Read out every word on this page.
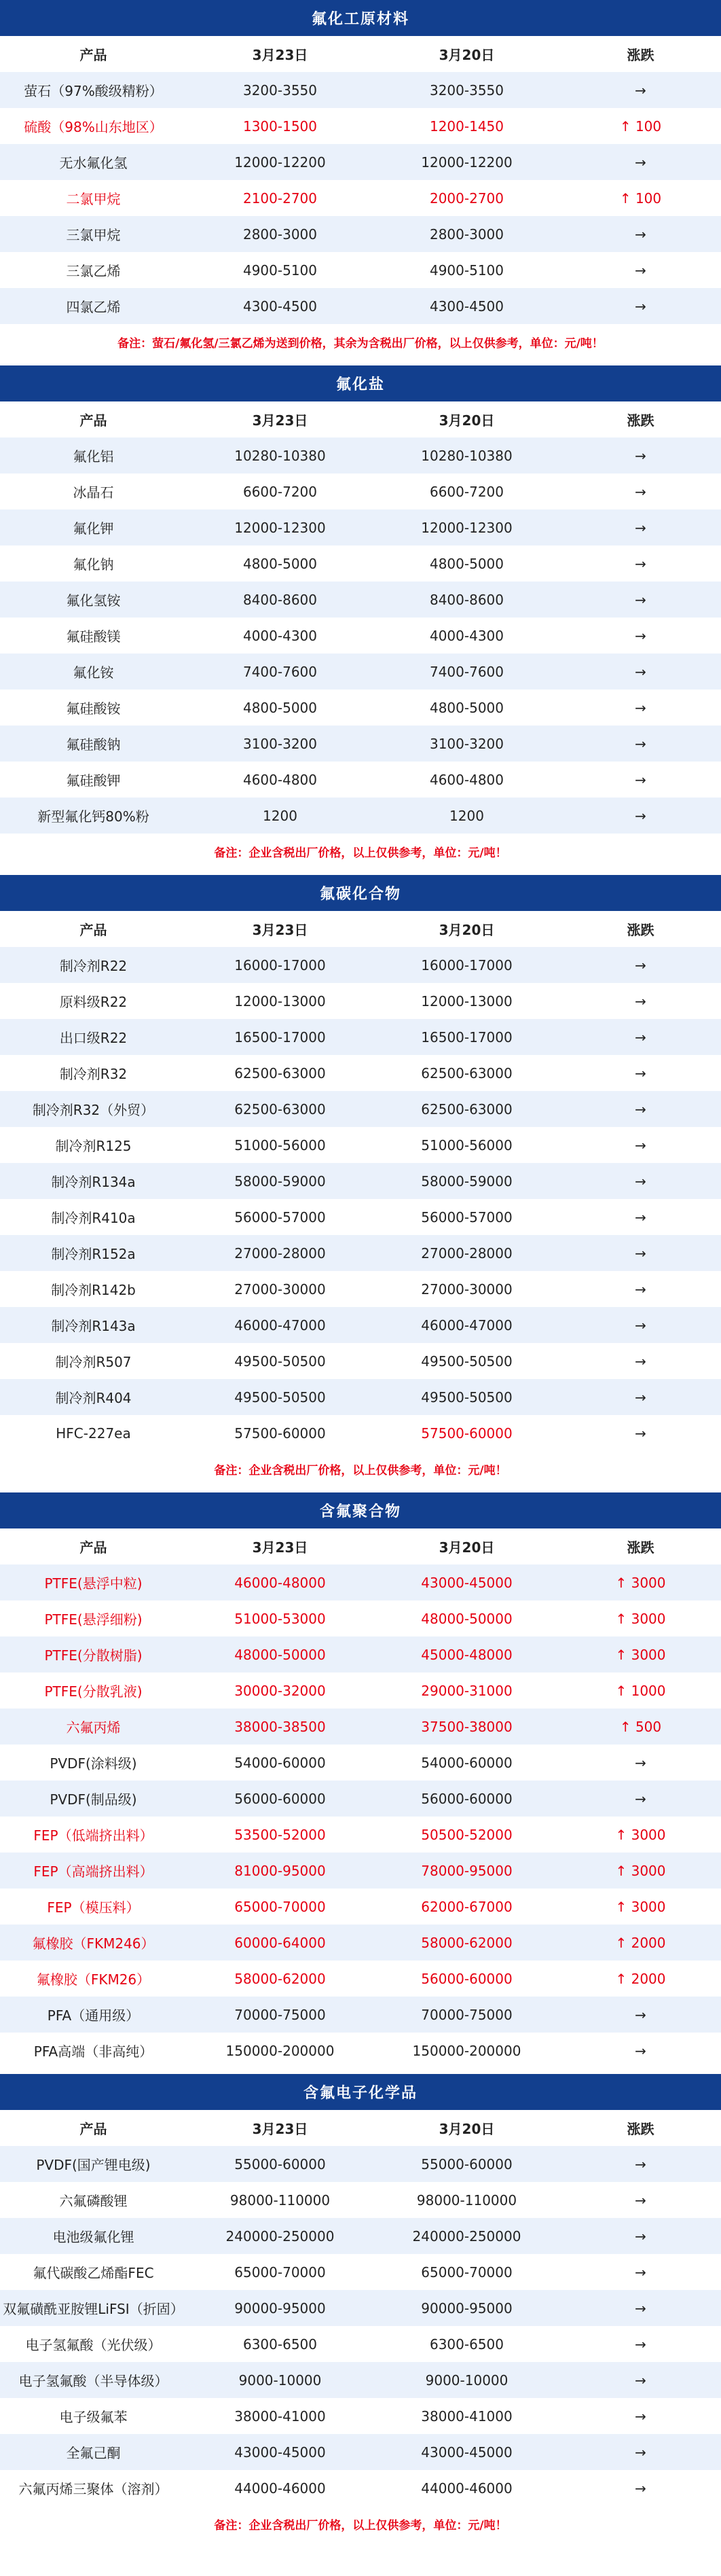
氟化工原材料
产品	3月23日	3月20日	涨跌
萤石（97%酸级精粉）	3200-3550	3200-3550	→
硫酸（98%山东地区）	1300-1500	1200-1450	↑ 100
无水氟化氢	12000-12200	12000-12200	→
二氯甲烷	2100-2700	2000-2700	↑ 100
三氯甲烷	2800-3000	2800-3000	→
三氯乙烯	4900-5100	4900-5100	→
四氯乙烯	4300-4500	4300-4500	→
备注：萤石/氟化氢/三氯乙烯为送到价格，其余为含税出厂价格，以上仅供参考，单位：元/吨！
氟化盐
产品	3月23日	3月20日	涨跌
氟化铝	10280-10380	10280-10380	→
冰晶石	6600-7200	6600-7200	→
氟化钾	12000-12300	12000-12300	→
氟化钠	4800-5000	4800-5000	→
氟化氢铵	8400-8600	8400-8600	→
氟硅酸镁	4000-4300	4000-4300	→
氟化铵	7400-7600	7400-7600	→
氟硅酸铵	4800-5000	4800-5000	→
氟硅酸钠	3100-3200	3100-3200	→
氟硅酸钾	4600-4800	4600-4800	→
新型氟化钙80%粉	1200	1200	→
备注：企业含税出厂价格，以上仅供参考，单位：元/吨！
氟碳化合物
产品	3月23日	3月20日	涨跌
制冷剂R22	16000-17000	16000-17000	→
原料级R22	12000-13000	12000-13000	→
出口级R22	16500-17000	16500-17000	→
制冷剂R32	62500-63000	62500-63000	→
制冷剂R32（外贸）	62500-63000	62500-63000	→
制冷剂R125	51000-56000	51000-56000	→
制冷剂R134a	58000-59000	58000-59000	→
制冷剂R410a	56000-57000	56000-57000	→
制冷剂R152a	27000-28000	27000-28000	→
制冷剂R142b	27000-30000	27000-30000	→
制冷剂R143a	46000-47000	46000-47000	→
制冷剂R507	49500-50500	49500-50500	→
制冷剂R404	49500-50500	49500-50500	→
HFC-227ea	57500-60000	57500-60000	→
备注：企业含税出厂价格，以上仅供参考，单位：元/吨！
含氟聚合物
产品	3月23日	3月20日	涨跌
PTFE(悬浮中粒)	46000-48000	43000-45000	↑ 3000
PTFE(悬浮细粉)	51000-53000	48000-50000	↑ 3000
PTFE(分散树脂)	48000-50000	45000-48000	↑ 3000
PTFE(分散乳液)	30000-32000	29000-31000	↑ 1000
六氟丙烯	38000-38500	37500-38000	↑ 500
PVDF(涂料级)	54000-60000	54000-60000	→
PVDF(制品级)	56000-60000	56000-60000	→
FEP（低端挤出料）	53500-52000	50500-52000	↑ 3000
FEP（高端挤出料）	81000-95000	78000-95000	↑ 3000
FEP（模压料）	65000-70000	62000-67000	↑ 3000
氟橡胶（FKM246）	60000-64000	58000-62000	↑ 2000
氟橡胶（FKM26）	58000-62000	56000-60000	↑ 2000
PFA（通用级）	70000-75000	70000-75000	→
PFA高端（非高纯）	150000-200000	150000-200000	→
含氟电子化学品
产品	3月23日	3月20日	涨跌
PVDF(国产锂电级)	55000-60000	55000-60000	→
六氟磷酸锂	98000-110000	98000-110000	→
电池级氟化锂	240000-250000	240000-250000	→
氟代碳酸乙烯酯FEC	65000-70000	65000-70000	→
双氟磺酰亚胺锂LiFSI（折固）	90000-95000	90000-95000	→
电子氢氟酸（光伏级）	6300-6500	6300-6500	→
电子氢氟酸（半导体级）	9000-10000	9000-10000	→
电子级氟苯	38000-41000	38000-41000	→
全氟己酮	43000-45000	43000-45000	→
六氟丙烯三聚体（溶剂）	44000-46000	44000-46000	→
备注：企业含税出厂价格，以上仅供参考，单位：元/吨！
